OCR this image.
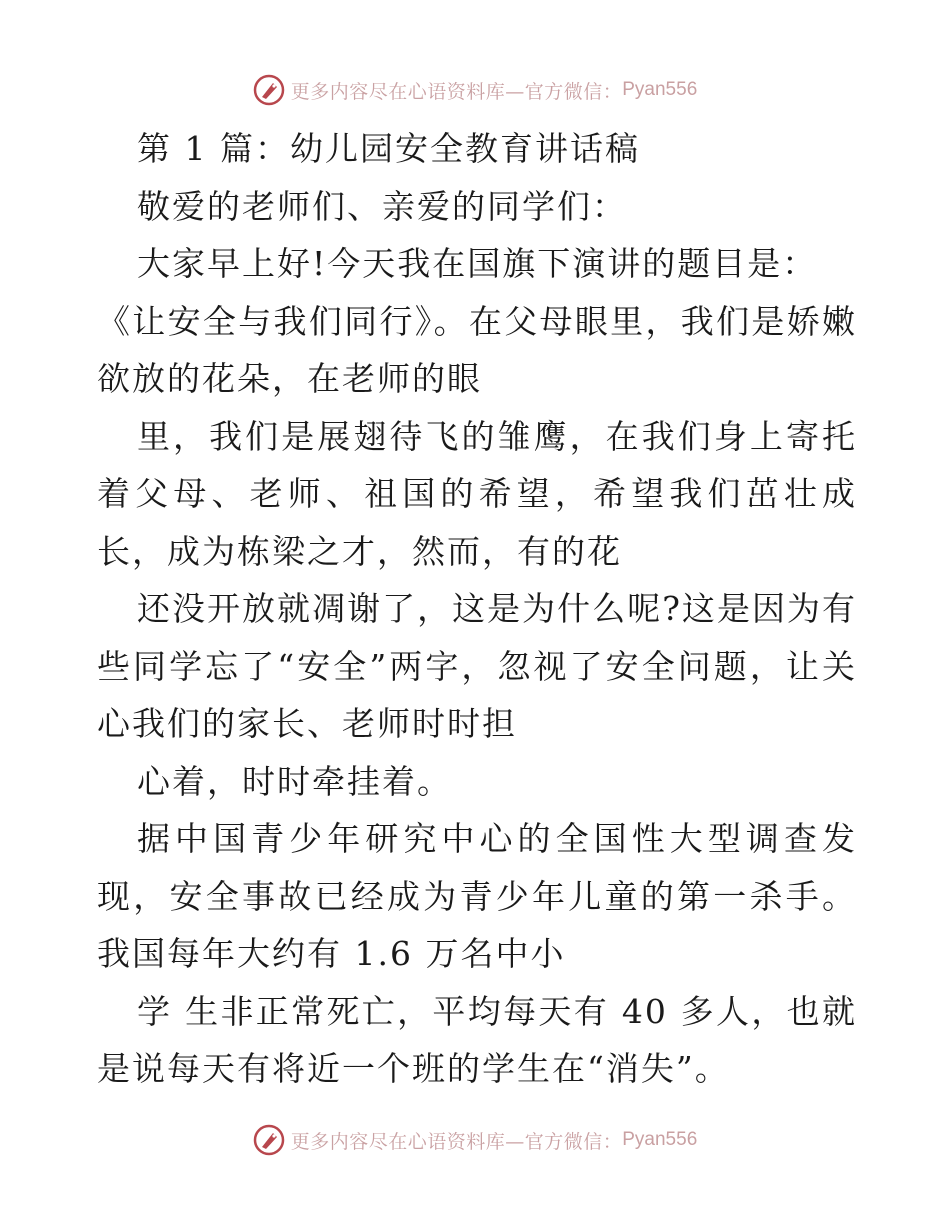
更多内容尽在心语资料库—官方微信： Pyan556

第 1 篇：幼儿园安全教育讲话稿

敬爱的老师们、亲爱的同学们：

大家早上好!今天我在国旗下演讲的题目是：

《让安全与我们同行》。在父母眼里，我们是娇嫩欲放的花朵，在老师的眼

里，我们是展翅待飞的雏鹰，在我们身上寄托着父母、老师、祖国的希望，希望我们茁壮成长，成为栋梁之才，然而，有的花

还没开放就凋谢了，这是为什么呢?这是因为有些同学忘了“安全”两字，忽视了安全问题，让关心我们的家长、老师时时担

心着，时时牵挂着。

据中国青少年研究中心的全国性大型调查发现，安全事故已经成为青少年儿童的第一杀手。我国每年大约有 1.6 万名中小

学 生非正常死亡，平均每天有 40 多人，也就是说每天有将近一个班的学生在“消失”。

更多内容尽在心语资料库—官方微信： Pyan556
